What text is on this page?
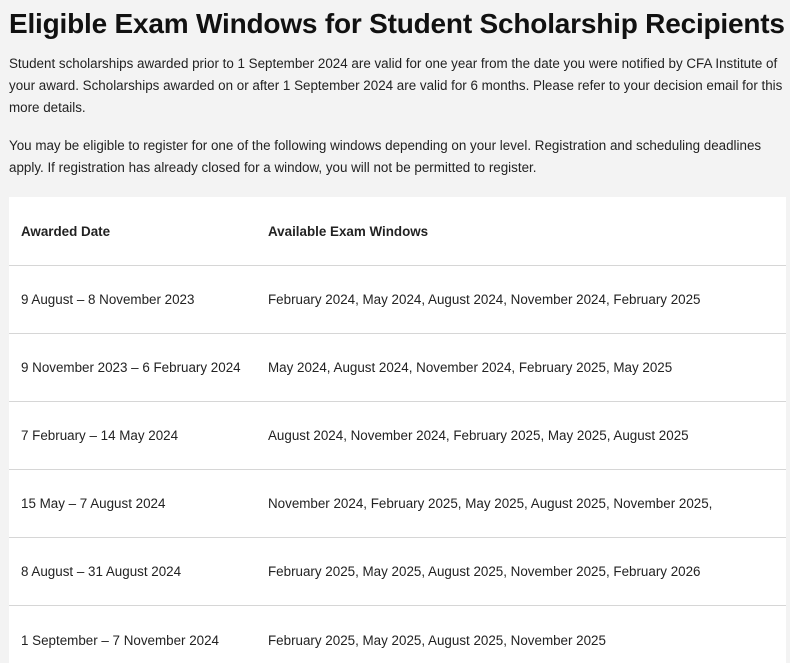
Eligible Exam Windows for Student Scholarship Recipients

Student scholarships awarded prior to 1 September 2024 are valid for one year from the date you were notified by CFA Institute of your award. Scholarships awarded on or after 1 September 2024 are valid for 6 months. Please refer to your decision email for this more details.

You may be eligible to register for one of the following windows depending on your level. Registration and scheduling deadlines apply. If registration has already closed for a window, you will not be permitted to register.

Awarded Date	Available Exam Windows
9 August – 8 November 2023	February 2024, May 2024, August 2024, November 2024, February 2025
9 November 2023 – 6 February 2024	May 2024, August 2024, November 2024, February 2025, May 2025
7 February – 14 May 2024	August 2024, November 2024, February 2025, May 2025, August 2025
15 May – 7 August 2024	November 2024, February 2025, May 2025, August 2025, November 2025,
8 August – 31 August 2024	February 2025, May 2025, August 2025, November 2025, February 2026
1 September – 7 November 2024	February 2025, May 2025, August 2025, November 2025
